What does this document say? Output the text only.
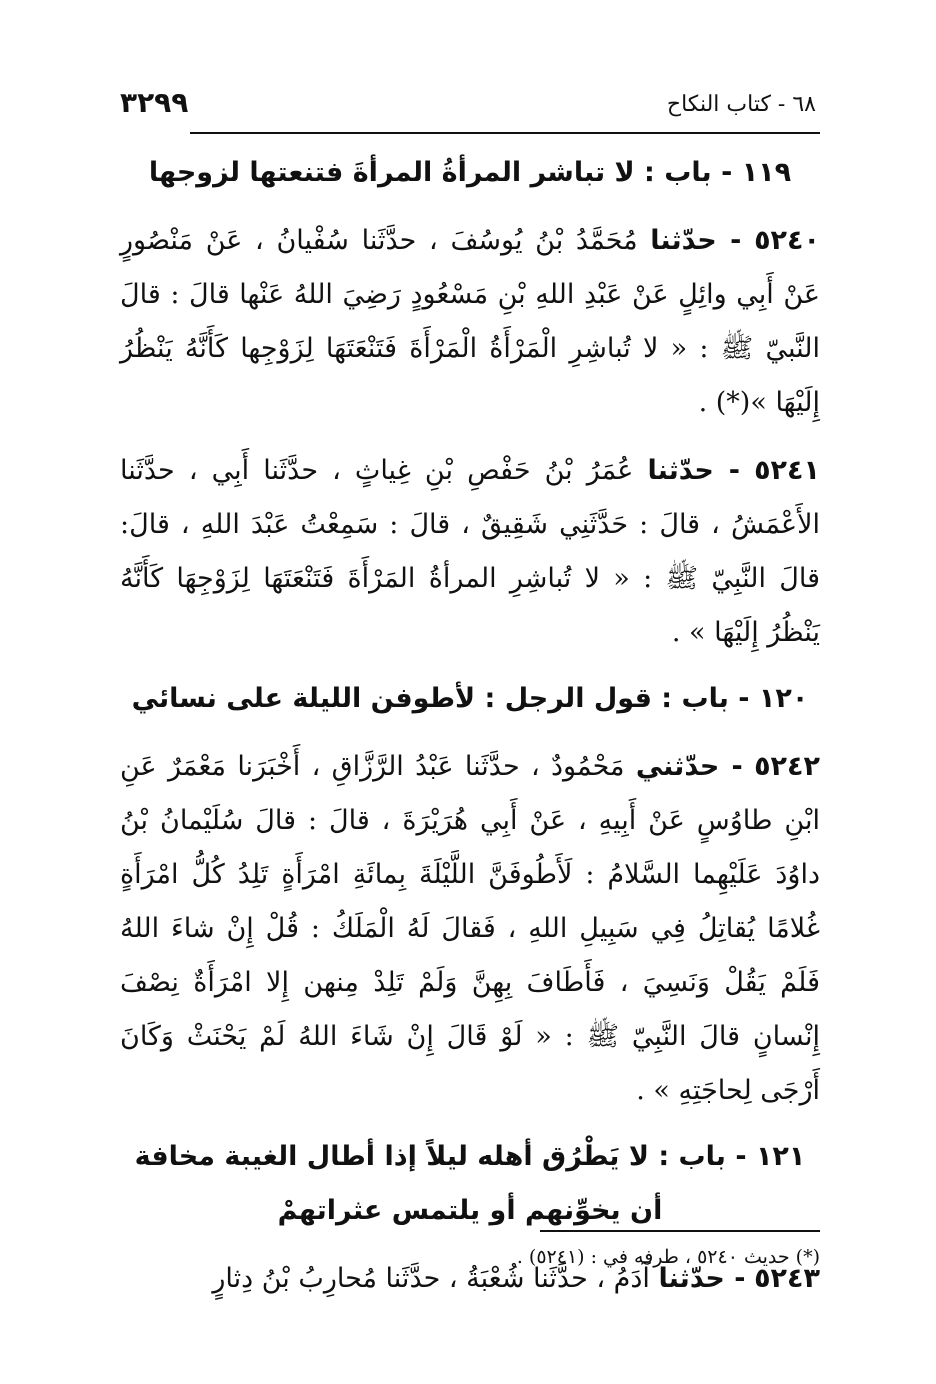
٦٨ - كتاب النكاح
٣٢٩٩
١١٩ - باب : لا تباشر المرأةُ المرأةَ فتنعتها لزوجها

٥٢٤٠ - حدّثنا مُحَمَّدُ بْنُ يُوسُفَ ، حدَّثَنا سُفْيانُ ، عَنْ مَنْصُورٍ عَنْ أَبِي وائِلٍ عَنْ عَبْدِ اللهِ بْنِ مَسْعُودٍ رَضِيَ اللهُ عَنْها قالَ : قالَ النَّبيّ ﷺ : « لا تُباشِرِ الْمَرْأَةُ الْمَرْأَةَ فَتَنْعَتَهَا لِزَوْجِها كَأَنَّهُ يَنْظُرُ إِلَيْهَا »(*) .

٥٢٤١ - حدّثنا عُمَرُ بْنُ حَفْصِ بْنِ غِياثٍ ، حدَّثَنا أَبِي ، حدَّثَنا الأَعْمَشُ ، قالَ : حَدَّثَنِي شَقِيقٌ ، قالَ : سَمِعْتُ عَبْدَ اللهِ ، قالَ: قالَ النَّبِيّ ﷺ : « لا تُباشِرِ المرأةُ المَرْأَةَ فَتَنْعَتَهَا لِزَوْجِهَا كَأَنَّهُ يَنْظُرُ إِلَيْهَا » .

١٢٠ - باب : قول الرجل : لأطوفن الليلة على نسائي

٥٢٤٢ - حدّثني مَحْمُودٌ ، حدَّثَنا عَبْدُ الرَّزَّاقِ ، أَخْبَرَنا مَعْمَرٌ عَنِ ابْنِ طاوُسٍ عَنْ أَبِيهِ ، عَنْ أَبِي هُرَيْرَةَ ، قالَ : قالَ سُلَيْمانُ بْنُ داوُدَ عَلَيْهِما السَّلامُ : لَأَطُوفَنَّ اللَّيْلَةَ بِمائَةِ امْرَأَةٍ تَلِدُ كُلُّ امْرَأَةٍ غُلامًا يُقاتِلُ فِي سَبِيلِ اللهِ ، فَقالَ لَهُ الْمَلَكُ : قُلْ إِنْ شاءَ اللهُ فَلَمْ يَقُلْ وَنَسِيَ ، فَأَطَافَ بِهِنَّ وَلَمْ تَلِدْ مِنهن إِلا امْرَأَةٌ نِصْفَ إِنْسانٍ قالَ النَّبِيّ ﷺ : « لَوْ قَالَ إِنْ شَاءَ اللهُ لَمْ يَحْنَثْ وَكَانَ أَرْجَى لِحاجَتِهِ » .

١٢١ - باب : لا يَطْرُق أهله ليلاً إذا أطال الغيبة مخافة أن يخوِّنهم أو يلتمس عثراتهمْ

٥٢٤٣ - حدّثنا آدَمُ ، حدَّثَنا شُعْبَةُ ، حدَّثَنا مُحارِبُ بْنُ دِثارٍ

(*) حديث ٥٢٤٠ ، طرفه في : (٥٢٤١) .
